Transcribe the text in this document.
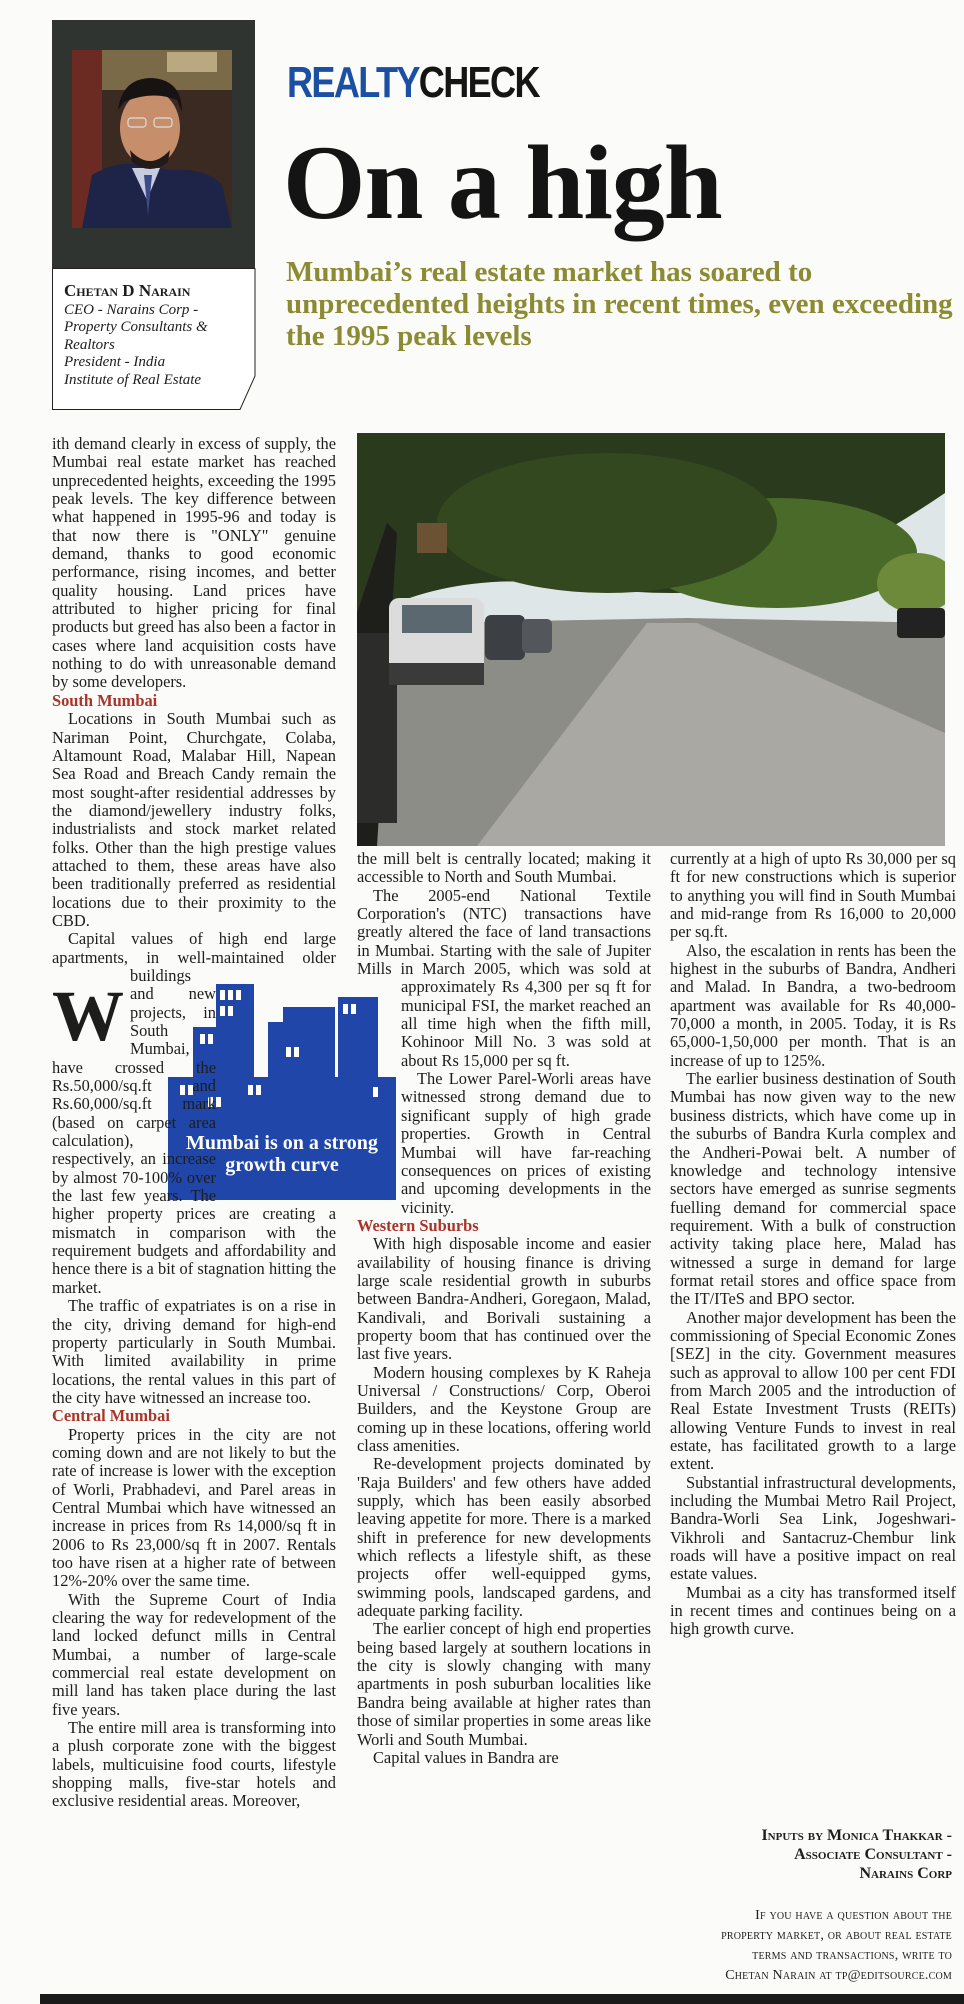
Chetan D Narain
CEO - Narains Corp -
Property Consultants &
Realtors
President - India
Institute of Real Estate
REALTYCHECK
On a high

Mumbai’s real estate market has soared to unprecedented heights in recent times, even exceeding the 1995 peak levels

Mumbai is on a strong growth curve
W

ith demand clearly in excess of supply, the Mumbai real estate market has reached unprecedented heights, exceeding the 1995 peak levels. The key difference between what happened in 1995-96 and today is that now there is "ONLY" genuine demand, thanks to good economic performance, rising incomes, and better quality housing. Land prices have attributed to higher pricing for final products but greed has also been a factor in cases where land acquisition costs have nothing to do with unreasonable demand by some developers.

South Mumbai

Locations in South Mumbai such as Nariman Point, Churchgate, Colaba, Altamount Road, Malabar Hill, Napean Sea Road and Breach Candy remain the most sought-after residential addresses by the diamond/jewellery industry folks, industrialists and stock market related folks. Other than the high prestige values attached to them, these areas have also been traditionally preferred as residential locations due to their proximity to the CBD.

Capital values of high end large apartments, in well-maintained older buildings and new projects, in South Mumbai, have crossed the Rs.50,000/sq.ft and Rs.60,000/sq.ft mark (based on carpet area calculation), respectively, an increase by almost 70-100% over the last few years. The higher property prices are creating a mismatch in comparison with the requirement budgets and affordability and hence there is a bit of stagnation hitting the market.

The traffic of expatriates is on a rise in the city, driving demand for high-end property particularly in South Mumbai. With limited availability in prime locations, the rental values in this part of the city have witnessed an increase too.

Central Mumbai

Property prices in the city are not coming down and are not likely to but the rate of increase is lower with the exception of Worli, Prabhadevi, and Parel areas in Central Mumbai which have witnessed an increase in prices from Rs 14,000/sq ft in 2006 to Rs 23,000/sq ft in 2007. Rentals too have risen at a higher rate of between 12%-20% over the same time.

With the Supreme Court of India clearing the way for redevelopment of the land locked defunct mills in Central Mumbai, a number of large-scale commercial real estate development on mill land has taken place during the last five years.

The entire mill area is transforming into a plush corporate zone with the biggest labels, multicuisine food courts, lifestyle shopping malls, five-star hotels and exclusive residential areas. Moreover,

the mill belt is centrally located; making it accessible to North and South Mumbai.

The 2005-end National Textile Corporation's (NTC) transactions have greatly altered the face of land transactions in Mumbai. Starting with the sale of Jupiter Mills in March 2005, which was sold at approximately Rs 4,300 per sq ft for municipal FSI, the market reached an all time high when the fifth mill, Kohinoor Mill No. 3 was sold at about Rs 15,000 per sq ft.

The Lower Parel-Worli areas have witnessed strong demand due to significant supply of high grade properties. Growth in Central Mumbai will have far-reaching consequences on prices of existing and upcoming developments in the vicinity.

Western Suburbs

With high disposable income and easier availability of housing finance is driving large scale residential growth in suburbs between Bandra-Andheri, Goregaon, Malad, Kandivali, and Borivali sustaining a property boom that has continued over the last five years.

Modern housing complexes by K Raheja Universal / Constructions/ Corp, Oberoi Builders, and the Keystone Group are coming up in these locations, offering world class amenities.

Re-development projects dominated by 'Raja Builders' and few others have added supply, which has been easily absorbed leaving appetite for more. There is a marked shift in preference for new developments which reflects a lifestyle shift, as these projects offer well-equipped gyms, swimming pools, landscaped gardens, and adequate parking facility.

The earlier concept of high end properties being based largely at southern locations in the city is slowly changing with many apartments in posh suburban localities like Bandra being available at higher rates than those of similar properties in some areas like Worli and South Mumbai.

Capital values in Bandra are

currently at a high of upto Rs 30,000 per sq ft for new constructions which is superior to anything you will find in South Mumbai and mid-range from Rs 16,000 to 20,000 per sq.ft.

Also, the escalation in rents has been the highest in the suburbs of Bandra, Andheri and Malad. In Bandra, a two-bedroom apartment was available for Rs 40,000- 70,000 a month, in 2005. Today, it is Rs 65,000-1,50,000 per month. That is an increase of up to 125%.

The earlier business destination of South Mumbai has now given way to the new business districts, which have come up in the suburbs of Bandra Kurla complex and the Andheri-Powai belt. A number of knowledge and technology intensive sectors have emerged as sunrise segments fuelling demand for commercial space requirement. With a bulk of construction activity taking place here, Malad has witnessed a surge in demand for large format retail stores and office space from the IT/ITeS and BPO sector.

Another major development has been the commissioning of Special Economic Zones [SEZ] in the city. Government measures such as approval to allow 100 per cent FDI from March 2005 and the introduction of Real Estate Investment Trusts (REITs) allowing Venture Funds to invest in real estate, has facilitated growth to a large extent.

Substantial infrastructural developments, including the Mumbai Metro Rail Project, Bandra-Worli Sea Link, Jogeshwari-Vikhroli and Santacruz-Chembur link roads will have a positive impact on real estate values.

Mumbai as a city has transformed itself in recent times and continues being on a high growth curve.

Inputs by Monica Thakkar -
Associate Consultant -
Narains Corp
If you have a question about the
property market, or about real estate
terms and transactions, write to
Chetan Narain at tp@editsource.com
